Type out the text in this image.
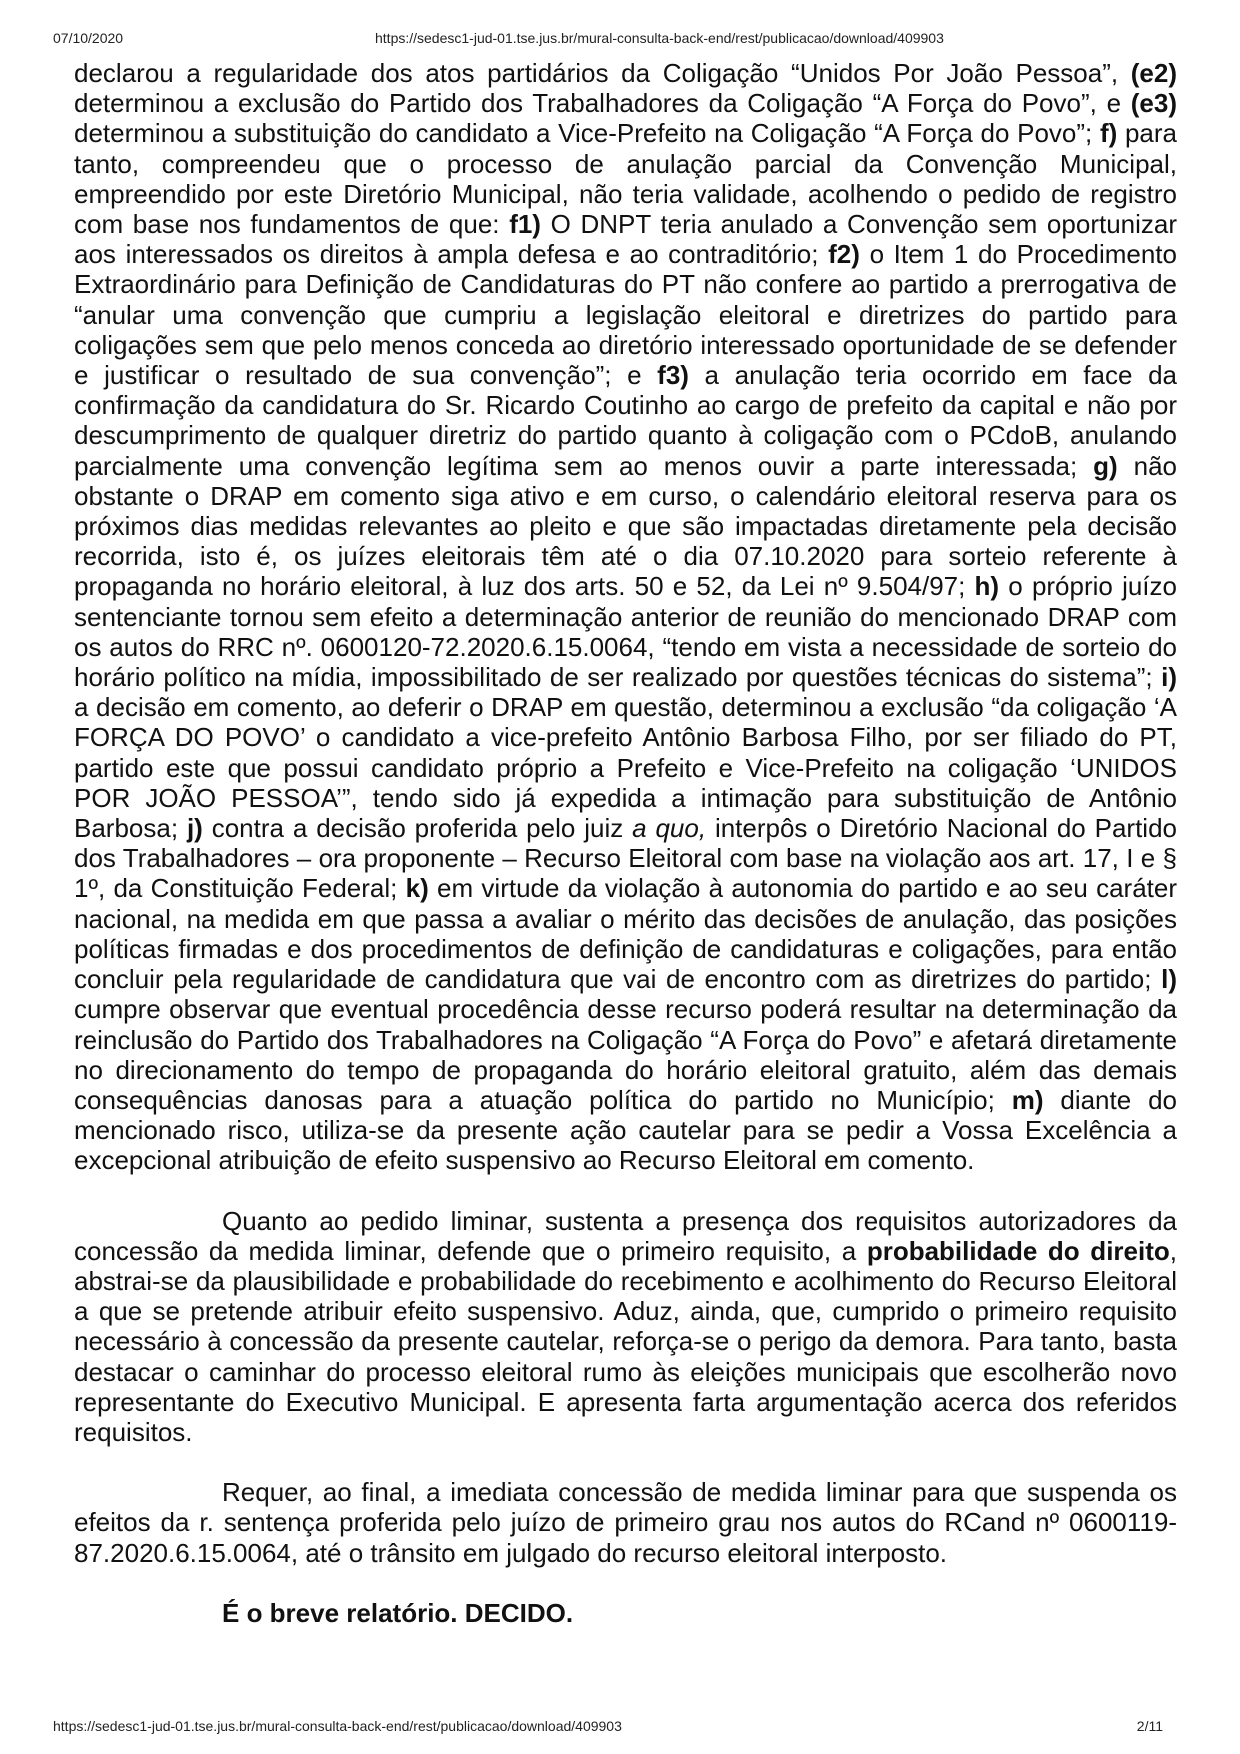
07/10/2020	https://sedesc1-jud-01.tse.jus.br/mural-consulta-back-end/rest/publicacao/download/409903

declarou a regularidade dos atos partidários da Coligação “Unidos Por João Pessoa”, (e2) determinou a exclusão do Partido dos Trabalhadores da Coligação “A Força do Povo”, e (e3) determinou a substituição do candidato a Vice-Prefeito na Coligação “A Força do Povo”; f) para tanto, compreendeu que o processo de anulação parcial da Convenção Municipal, empreendido por este Diretório Municipal, não teria validade, acolhendo o pedido de registro com base nos fundamentos de que: f1) O DNPT teria anulado a Convenção sem oportunizar aos interessados os direitos à ampla defesa e ao contraditório; f2) o Item 1 do Procedimento Extraordinário para Definição de Candidaturas do PT não confere ao partido a prerrogativa de “anular uma convenção que cumpriu a legislação eleitoral e diretrizes do partido para coligações sem que pelo menos conceda ao diretório interessado oportunidade de se defender e justificar o resultado de sua convenção”; e f3) a anulação teria ocorrido em face da confirmação da candidatura do Sr. Ricardo Coutinho ao cargo de prefeito da capital e não por descumprimento de qualquer diretriz do partido quanto à coligação com o PCdoB, anulando parcialmente uma convenção legítima sem ao menos ouvir a parte interessada; g) não obstante o DRAP em comento siga ativo e em curso, o calendário eleitoral reserva para os próximos dias medidas relevantes ao pleito e que são impactadas diretamente pela decisão recorrida, isto é, os juízes eleitorais têm até o dia 07.10.2020 para sorteio referente à propaganda no horário eleitoral, à luz dos arts. 50 e 52, da Lei nº 9.504/97; h) o próprio juízo sentenciante tornou sem efeito a determinação anterior de reunião do mencionado DRAP com os autos do RRC nº. 0600120-72.2020.6.15.0064, “tendo em vista a necessidade de sorteio do horário político na mídia, impossibilitado de ser realizado por questões técnicas do sistema”; i) a decisão em comento, ao deferir o DRAP em questão, determinou a exclusão “da coligação ‘A FORÇA DO POVO’ o candidato a vice-prefeito Antônio Barbosa Filho, por ser filiado do PT, partido este que possui candidato próprio a Prefeito e Vice-Prefeito na coligação ‘UNIDOS POR JOÃO PESSOA’”, tendo sido já expedida a intimação para substituição de Antônio Barbosa; j) contra a decisão proferida pelo juiz a quo, interpôs o Diretório Nacional do Partido dos Trabalhadores – ora proponente – Recurso Eleitoral com base na violação aos art. 17, I e § 1º, da Constituição Federal; k) em virtude da violação à autonomia do partido e ao seu caráter nacional, na medida em que passa a avaliar o mérito das decisões de anulação, das posições políticas firmadas e dos procedimentos de definição de candidaturas e coligações, para então concluir pela regularidade de candidatura que vai de encontro com as diretrizes do partido; l) cumpre observar que eventual procedência desse recurso poderá resultar na determinação da reinclusão do Partido dos Trabalhadores na Coligação “A Força do Povo” e afetará diretamente no direcionamento do tempo de propaganda do horário eleitoral gratuito, além das demais consequências danosas para a atuação política do partido no Município; m) diante do mencionado risco, utiliza-se da presente ação cautelar para se pedir a Vossa Excelência a excepcional atribuição de efeito suspensivo ao Recurso Eleitoral em comento.

Quanto ao pedido liminar, sustenta a presença dos requisitos autorizadores da concessão da medida liminar, defende que o primeiro requisito, a probabilidade do direito, abstrai-se da plausibilidade e probabilidade do recebimento e acolhimento do Recurso Eleitoral a que se pretende atribuir efeito suspensivo. Aduz, ainda, que, cumprido o primeiro requisito necessário à concessão da presente cautelar, reforça-se o perigo da demora. Para tanto, basta destacar o caminhar do processo eleitoral rumo às eleições municipais que escolherão novo representante do Executivo Municipal. E apresenta farta argumentação acerca dos referidos requisitos.

Requer, ao final, a imediata concessão de medida liminar para que suspenda os efeitos da r. sentença proferida pelo juízo de primeiro grau nos autos do RCand nº 0600119-87.2020.6.15.0064, até o trânsito em julgado do recurso eleitoral interposto.

É o breve relatório. DECIDO.

https://sedesc1-jud-01.tse.jus.br/mural-consulta-back-end/rest/publicacao/download/409903	2/11
